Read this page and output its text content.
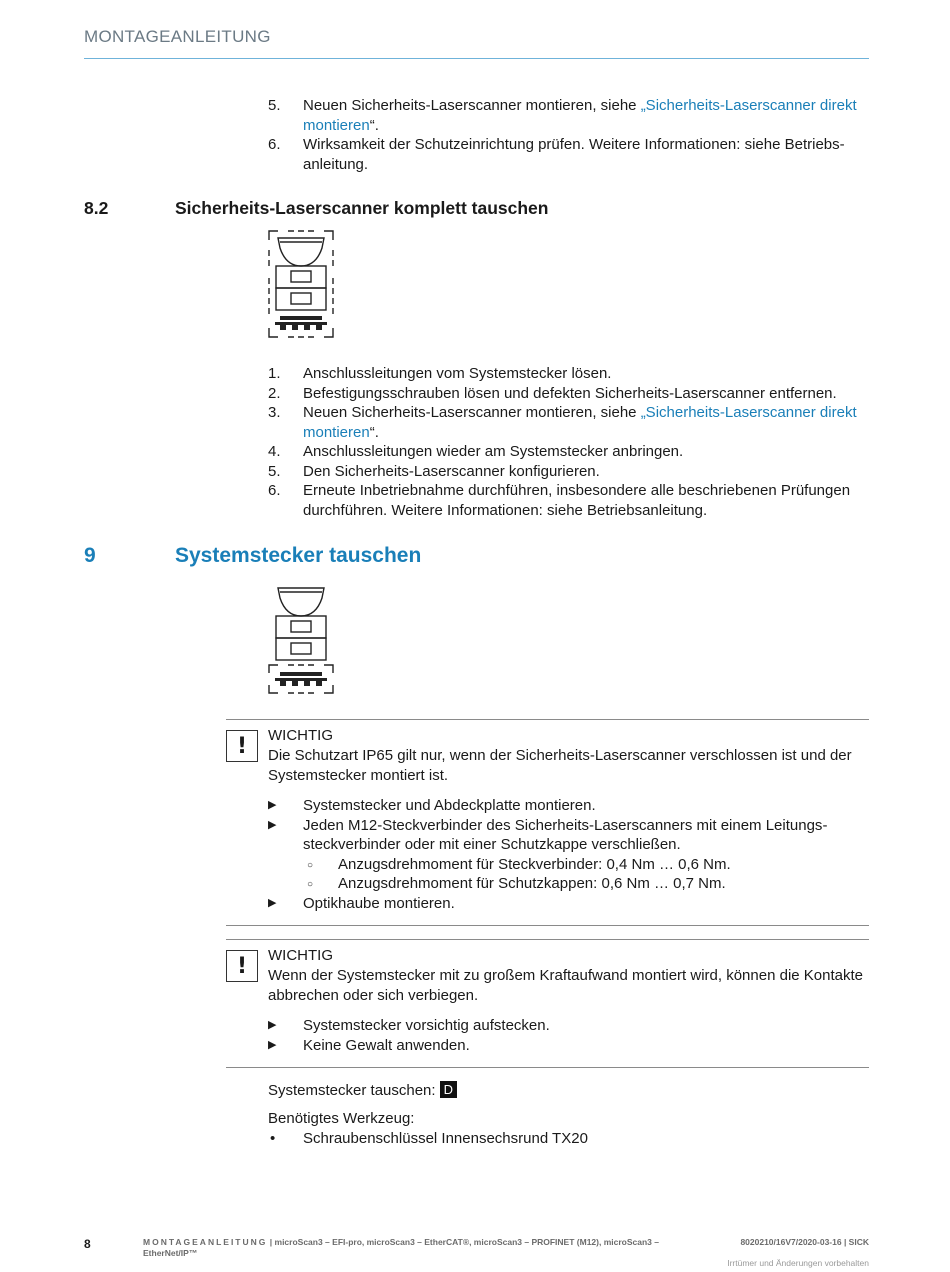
MONTAGEANLEITUNG
5. Neuen Sicherheits-Laserscanner montieren, siehe „Sicherheits-Laserscanner direkt montieren“.
6. Wirksamkeit der Schutzeinrichtung prüfen. Weitere Informationen: siehe Betriebsanleitung.
8.2	Sicherheits-Laserscanner komplett tauschen
1. Anschlussleitungen vom Systemstecker lösen.
2. Befestigungsschrauben lösen und defekten Sicherheits-Laserscanner entfernen.
3. Neuen Sicherheits-Laserscanner montieren, siehe „Sicherheits-Laserscanner direkt montieren“.
4. Anschlussleitungen wieder am Systemstecker anbringen.
5. Den Sicherheits-Laserscanner konfigurieren.
6. Erneute Inbetriebnahme durchführen, insbesondere alle beschriebenen Prüfungen durchführen. Weitere Informationen: siehe Betriebsanleitung.
9	Systemstecker tauschen
!	WICHTIG
Die Schutzart IP65 gilt nur, wenn der Sicherheits-Laserscanner verschlossen ist und der Systemstecker montiert ist.
▶ Systemstecker und Abdeckplatte montieren.
▶ Jeden M12-Steckverbinder des Sicherheits-Laserscanners mit einem Leitungssteckverbinder oder mit einer Schutzkappe verschließen.
○ Anzugsdrehmoment für Steckverbinder: 0,4 Nm … 0,6 Nm.
○ Anzugsdrehmoment für Schutzkappen: 0,6 Nm … 0,7 Nm.
▶ Optikhaube montieren.
!	WICHTIG
Wenn der Systemstecker mit zu großem Kraftaufwand montiert wird, können die Kontakte abbrechen oder sich verbiegen.
▶ Systemstecker vorsichtig aufstecken.
▶ Keine Gewalt anwenden.
Systemstecker tauschen: D
Benötigtes Werkzeug:
• Schraubenschlüssel Innensechsrund TX20
8	MONTAGEANLEITUNG | microScan3 – EFI-pro, microScan3 – EtherCAT®, microScan3 – PROFINET (M12), microScan3 – EtherNet/IP™
8020210/16V7/2020-03-16 | SICK
Irrtümer und Änderungen vorbehalten
